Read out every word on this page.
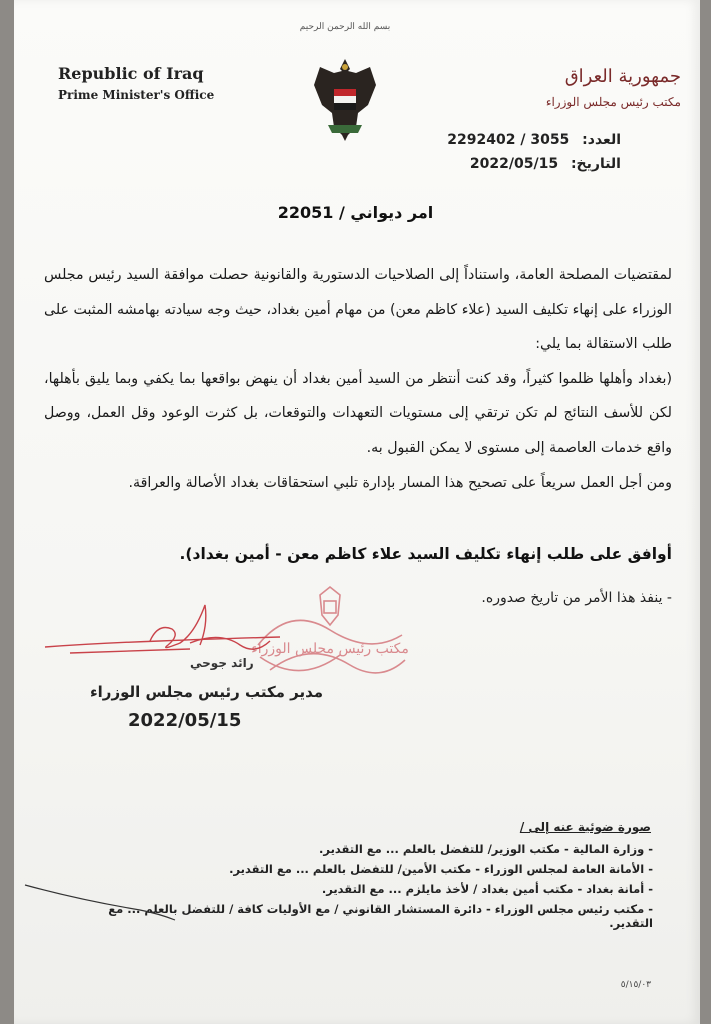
بسم الله الرحمن الرحيم
Republic of Iraq
Prime Minister's Office
جمهورية العراق
مكتب رئيس مجلس الوزراء
العدد: 2292402 / 3055
التاريخ: 2022/05/15
امر ديواني / 22051

لمقتضيات المصلحة العامة، واستناداً إلى الصلاحيات الدستورية والقانونية حصلت موافقة السيد رئيس مجلس الوزراء على إنهاء تكليف السيد (علاء كاظم معن) من مهام أمين بغداد، حيث وجه سيادته بهامشه المثبت على طلب الاستقالة بما يلي:

(بغداد وأهلها ظلموا كثيراً، وقد كنت أنتظر من السيد أمين بغداد أن ينهض بواقعها بما يكفي وبما يليق بأهلها، لكن للأسف النتائج لم تكن ترتقي إلى مستويات التعهدات والتوقعات، بل كثرت الوعود وقل العمل، ووصل واقع خدمات العاصمة إلى مستوى لا يمكن القبول به.

ومن أجل العمل سريعاً على تصحيح هذا المسار بإدارة تلبي استحقاقات بغداد الأصالة والعراقة.

أوافق على طلب إنهاء تكليف السيد علاء كاظم معن - أمين بغداد).
- ينفذ هذا الأمر من تاريخ صدوره.
مكتب رئيس مجلس الوزراء
رائد جوحي
مدير مكتب رئيس مجلس الوزراء
2022/05/15
صورة ضوئية عنه إلى /
- وزارة المالية - مكتب الوزير/ للتفضل بالعلم ... مع التقدير.
- الأمانة العامة لمجلس الوزراء - مكتب الأمين/ للتفضل بالعلم ... مع التقدير.
- أمانة بغداد - مكتب أمين بغداد / لأخذ مايلزم ... مع التقدير.
- مكتب رئيس مجلس الوزراء - دائرة المستشار القانوني / مع الأوليات كافة / للتفضل بالعلم ... مع التقدير.
٥/١٥/٠٣
